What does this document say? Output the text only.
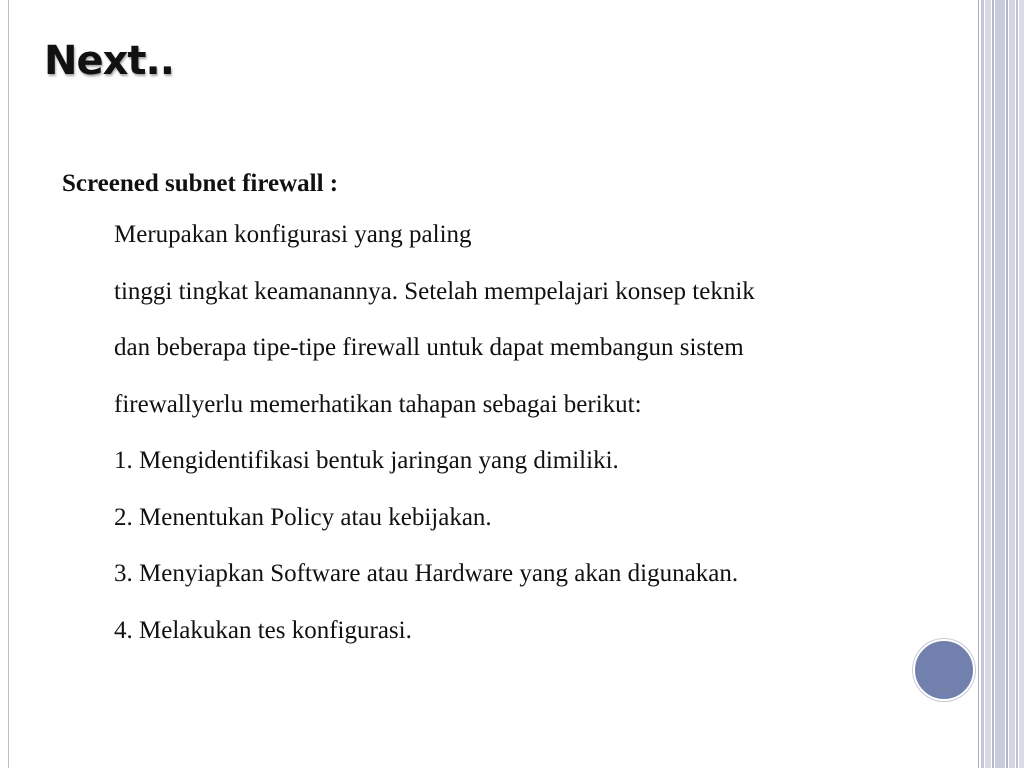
Next..
Screened subnet firewall :
Merupakan konfigurasi yang paling
tinggi tingkat keamanannya. Setelah mempelajari konsep teknik
dan beberapa tipe-tipe firewall untuk dapat membangun sistem
firewallyerlu memerhatikan tahapan sebagai berikut:
1. Mengidentifikasi bentuk jaringan yang dimiliki.
2. Menentukan Policy atau kebijakan.
3. Menyiapkan Software atau Hardware yang akan digunakan.
4. Melakukan tes konfigurasi.
